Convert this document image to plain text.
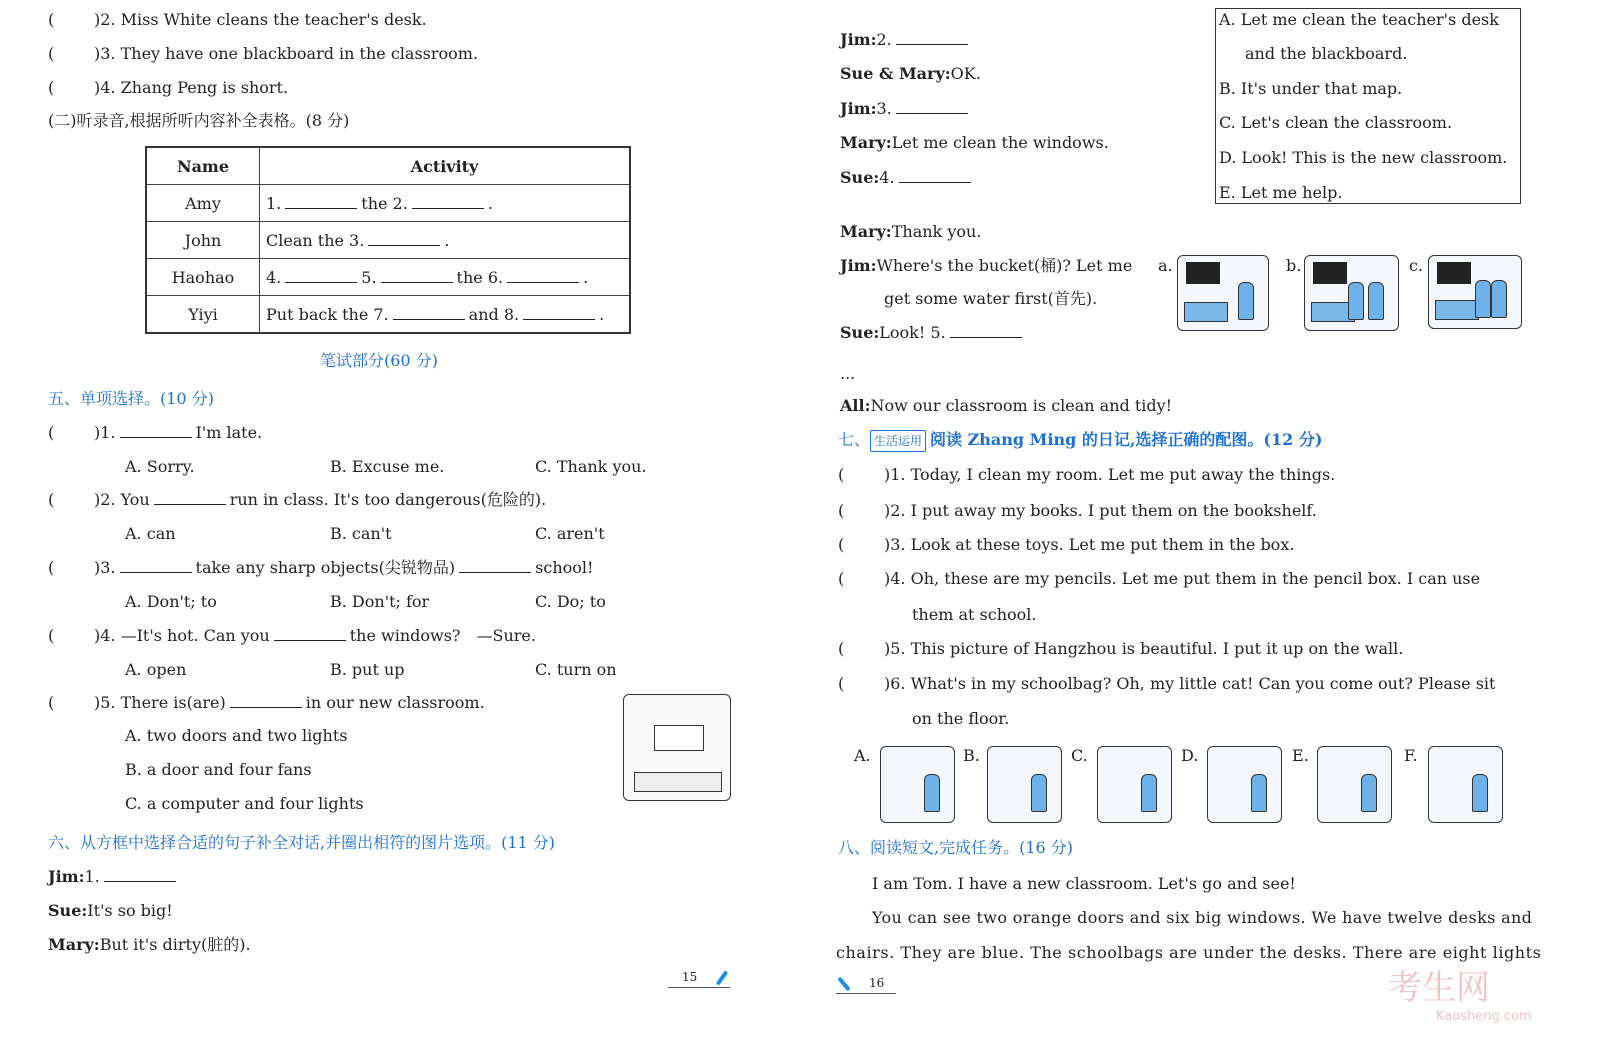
( )2. Miss White cleans the teacher's desk.
( )3. They have one blackboard in the classroom.
( )4. Zhang Peng is short.
(二)听录音,根据所听内容补全表格。(8 分)
Name	Activity
Amy	1. the 2. .
John	Clean the 3. .
Haohao	4. 5. the 6. .
Yiyi	Put back the 7. and 8. .
笔试部分(60 分)
五、单项选择。(10 分)
( )1.	I'm late.
A. Sorry.	B. Excuse me.	C. Thank you.
( )2. You	run in class. It's too dangerous(危险的).
A. can	B. can't	C. aren't
( )3.	take any sharp objects(尖锐物品)	school!
A. Don't; to	B. Don't; for	C. Do; to
( )4. —It's hot. Can you	the windows?　—Sure.
A. open	B. put up	C. turn on
( )5. There is(are)	in our new classroom.
A. two doors and two lights
B. a door and four fans
C. a computer and four lights
六、从方框中选择合适的句子补全对话,并圈出相符的图片选项。(11 分)
Jim:1.
Sue:It's so big!
Mary:But it's dirty(脏的).
15
Jim:2.
Sue & Mary:OK.
Jim:3.
Mary:Let me clean the windows.
Sue:4.
Mary:Thank you.
Jim:Where's the bucket(桶)? Let me
get some water first(首先).
Sue:Look! 5.
...
All:Now our classroom is clean and tidy!
A. Let me clean the teacher's desk
and the blackboard.
B. It's under that map.
C. Let's clean the classroom.
D. Look! This is the new classroom.
E. Let me help.
a.	b.	c.
七、 生活运用 阅读 Zhang Ming 的日记,选择正确的配图。(12 分)
( )1. Today, I clean my room. Let me put away the things.
( )2. I put away my books. I put them on the bookshelf.
( )3. Look at these toys. Let me put them in the box.
( )4. Oh, these are my pencils. Let me put them in the pencil box. I can use
( )5. This picture of Hangzhou is beautiful. I put it up on the wall.
( )6. What's in my schoolbag? Oh, my little cat! Can you come out? Please sit
them at school.
on the floor.
A.	B.	C.	D.	E.	F.
八、阅读短文,完成任务。(16 分)
I am Tom. I have a new classroom. Let's go and see!
You can see two orange doors and six big windows. We have twelve desks and
chairs. They are blue. The schoolbags are under the desks. There are eight lights
16	考生网
Kaosheng.com
